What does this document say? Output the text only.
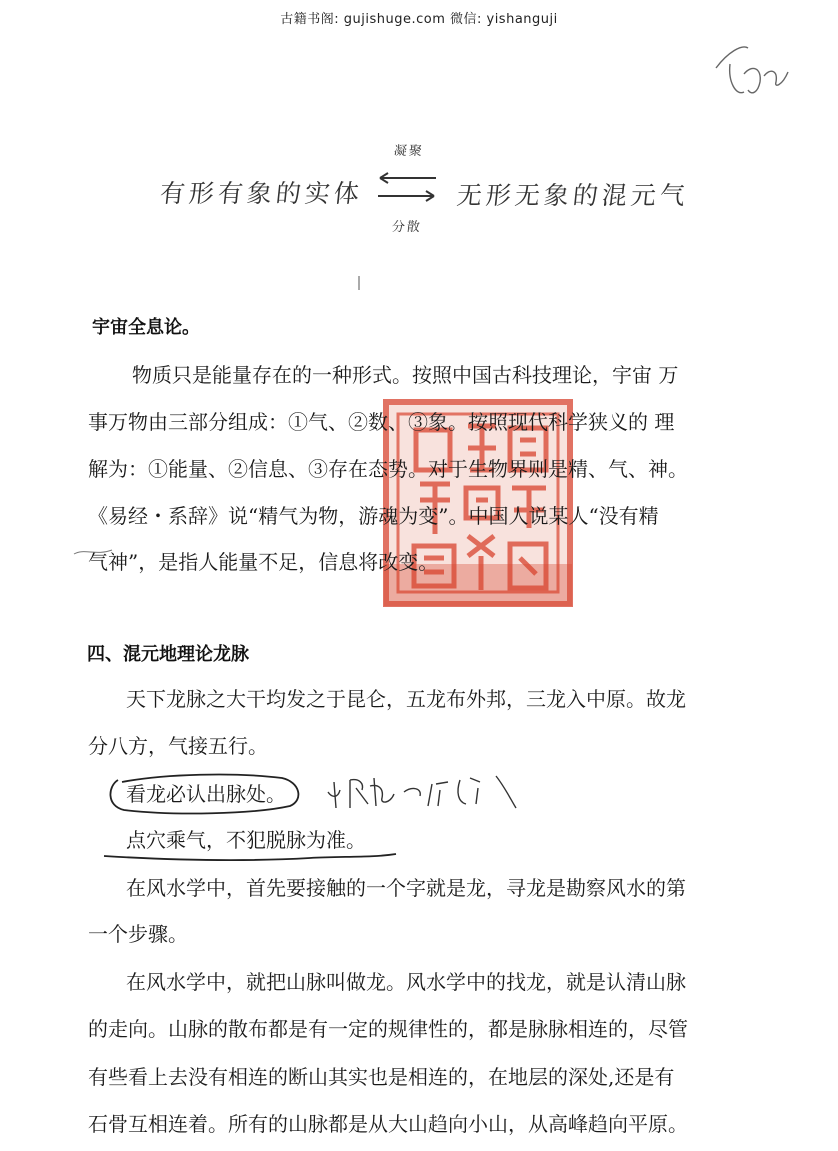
古籍书阁: gujishuge.com 微信: yishanguji
有形有象的实体	无形无象的混元气
凝聚
分散
宇宙全息论。
物质只是能量存在的一种形式。按照中国古科技理论，宇宙 万
事万物由三部分组成：①气、②数、③象。按照现代科学狭义的 理
解为：①能量、②信息、③存在态势。对于生物界则是精、气、神。
《易经・系辞》说“精气为物，游魂为变”。中国人说某人“没有精
气神”，是指人能量不足，信息将改变。
四、混元地理论龙脉
天下龙脉之大干均发之于昆仑，五龙布外邦，三龙入中原。故龙
分八方，气接五行。
看龙必认出脉处。
点穴乘气，不犯脱脉为准。
在风水学中，首先要接触的一个字就是龙，寻龙是勘察风水的第
一个步骤。
在风水学中，就把山脉叫做龙。风水学中的找龙，就是认清山脉
的走向。山脉的散布都是有一定的规律性的，都是脉脉相连的，尽管
有些看上去没有相连的断山其实也是相连的，在地层的深处,还是有
石骨互相连着。所有的山脉都是从大山趋向小山，从高峰趋向平原。
